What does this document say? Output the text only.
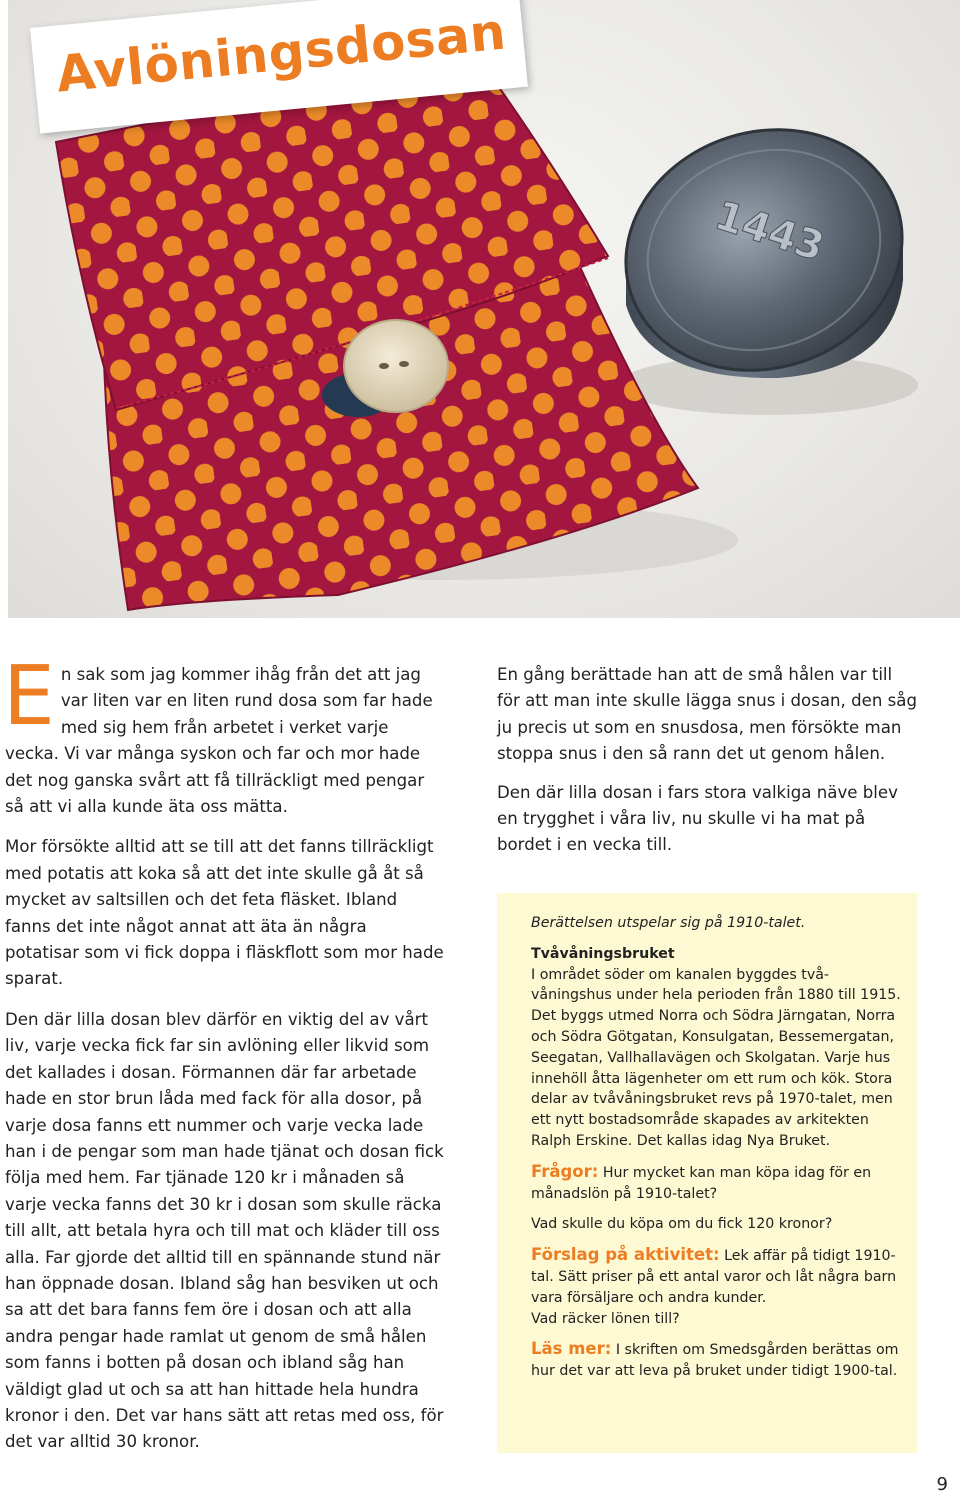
1443
Avlöningsdosan

En sak som jag kommer ihåg från det att jag var liten var en liten rund dosa som far hade med sig hem från arbetet i verket varje vecka. Vi var många syskon och far och mor hade det nog ganska svårt att få tillräckligt med pengar så att vi alla kunde äta oss mätta.

Mor försökte alltid att se till att det fanns tillräckligt med potatis att koka så att det inte skulle gå åt så mycket av saltsillen och det feta fläsket. Ibland fanns det inte något annat att äta än några potatisar som vi fick doppa i fläskflott som mor hade sparat.

Den där lilla dosan blev därför en viktig del av vårt liv, varje vecka fick far sin avlöning eller likvid som det kallades i dosan. Förmannen där far arbetade hade en stor brun låda med fack för alla dosor, på varje dosa fanns ett nummer och varje vecka lade han i de pengar som man hade tjänat och dosan fick följa med hem. Far tjänade 120 kr i månaden så varje vecka fanns det 30 kr i dosan som skulle räcka till allt, att betala hyra och till mat och kläder till oss alla. Far gjorde det alltid till en spännande stund när han öppnade dosan. Ibland såg han besviken ut och sa att det bara fanns fem öre i dosan och att alla andra pengar hade ramlat ut genom de små hålen som fanns i botten på dosan och ibland såg han väldigt glad ut och sa att han hittade hela hundra kronor i den. Det var hans sätt att retas med oss, för det var alltid 30 kronor.

En gång berättade han att de små hålen var till för att man inte skulle lägga snus i dosan, den såg ju precis ut som en snusdosa, men försökte man stoppa snus i den så rann det ut genom hålen.

Den där lilla dosan i fars stora valkiga näve blev en trygghet i våra liv, nu skulle vi ha mat på bordet i en vecka till.

Berättelsen utspelar sig på 1910-talet.

Tvåvåningsbruket

I området söder om kanalen byggdes två-våningshus under hela perioden från 1880 till 1915. Det byggs utmed Norra och Södra Järngatan, Norra och Södra Götgatan, Konsulgatan, Bessemergatan, Seegatan, Vallhallavägen och Skolgatan. Varje hus innehöll åtta lägenheter om ett rum och kök. Stora delar av tvåvåningsbruket revs på 1970-talet, men ett nytt bostadsområde skapades av arkitekten Ralph Erskine. Det kallas idag Nya Bruket.

Frågor: Hur mycket kan man köpa idag för en månadslön på 1910-talet?

Vad skulle du köpa om du fick 120 kronor?

Förslag på aktivitet: Lek affär på tidigt 1910-tal. Sätt priser på ett antal varor och låt några barn vara försäljare och andra kunder.
Vad räcker lönen till?

Läs mer: I skriften om Smedsgården berättas om hur det var att leva på bruket under tidigt 1900-tal.

9
